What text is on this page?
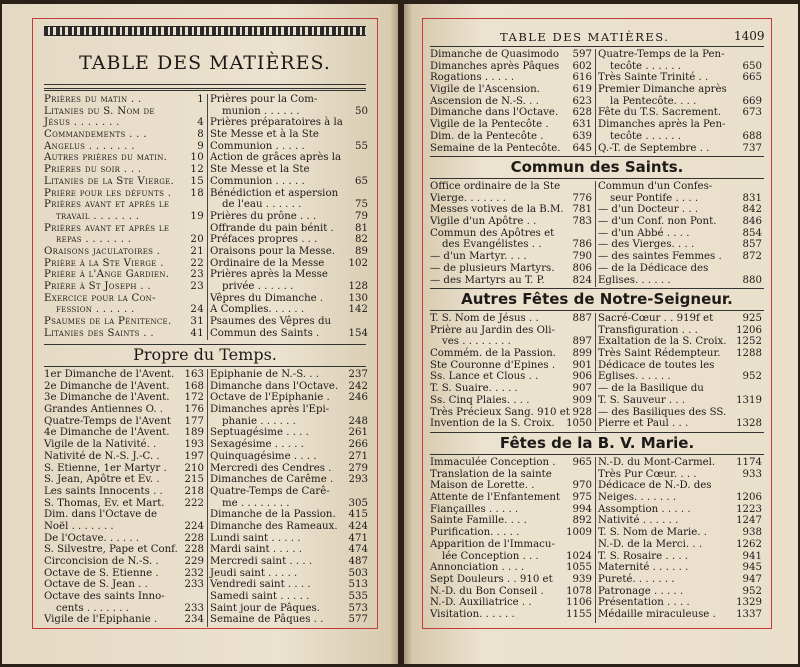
TABLE DES MATIÈRES.
Prières du matin . .	1
Litanies du S. Nom de
Jésus . . . . . . .	4
Commandements . . .	8
Angelus . . . . . . .	9
Autres prières du matin. 10
Prières du soir . . .	12
Litanies de la Ste Vierge. 15
Prière pour les défunts . 18
Prières avant et après le
travail . . . . . . .	19
Prières avant et après le
repas . . . . . . .	20
Oraisons jaculatoires .	21
Prière à la Ste Vierge .	22
Prière à l'Ange Gardien. 23
Prière à St Joseph . .	23
Exercice pour la Con-
fession . . . . . .	24
Psaumes de la Pénitence. 31
Litanies des Saints . .	41
Prières pour la Com-
munion . . . . . .	50
Prières préparatoires à la
Ste Messe et à la Ste
Communion . . . . .	55
Action de grâces après la
Ste Messe et la Ste
Communion . . . . .	65
Bénédiction et aspersion
de l'eau . . . . . .	75
Prières du prône . . .	79
Offrande du pain bénit . 81
Préfaces propres . . .	82
Oraisons pour la Messe. 89
Ordinaire de la Messe 102
Prières après la Messe
privée . . . . . .	128
Vêpres du Dimanche . 130
A Complies. . . . . .	142
Psaumes des Vêpres du
Commun des Saints .	154
Propre du Temps.
1er Dimanche de l'Avent. 163
2e Dimanche de l'Avent. 168
3e Dimanche de l'Avent. 172
Grandes Antiennes O. . 176
Quatre-Temps de l'Avent 177
4e Dimanche de l'Avent. 189
Vigile de la Nativité. .	193
Nativité de N.-S. J.-C. . 197
S. Etienne, 1er Martyr . 210
S. Jean, Apôtre et Ev. . 215
Les saints Innocents . . 218
S. Thomas, Ev. et Mart. 222
Dim. dans l'Octave de
Noël . . . . . . .	224
De l'Octave. . . . . .	228
S. Silvestre, Pape et Conf. 228
Circoncision de N.-S. .	229
Octave de S. Etienne .	232
Octave de S. Jean . .	233
Octave des saints Inno-
cents . . . . . . .	233
Vigile de l'Epiphanie .	234
Epiphanie de N.-S. . .	237
Dimanche dans l'Octave. 242
Octave de l'Epiphanie . 246
Dimanches après l'Epi-
phanie . . . . . .	248
Septuagésime . . . .	261
Sexagésime . . . . .	266
Quinquagésime . . . .	271
Mercredi des Cendres . 279
Dimanches de Carême . 293
Quatre-Temps de Carê-
me . . . . . . . .	305
Dimanche de la Passion. 415
Dimanche des Rameaux. 424
Lundi saint . . . . .	471
Mardi saint . . . . .	474
Mercredi saint . . . .	487
Jeudi saint . . . . .	503
Vendredi saint . . . .	513
Samedi saint . . . . .	535
Saint jour de Pâques.	573
Semaine de Pâques . . 577
TABLE DES MATIÈRES.	1409
Dimanche de Quasimodo 597
Dimanches après Pâques 602
Rogations . . . . .	616
Vigile de l'Ascension.	619
Ascension de N.-S. . .	623
Dimanche dans l'Octave. 628
Vigile de la Pentecôte . 631
Dim. de la Pentecôte .	639
Semaine de la Pentecôte. 645
Quatre-Temps de la Pen-
tecôte . . . . . .	650
Très Sainte Trinité . .	665
Premier Dimanche après
la Pentecôte. . . .	669
Fête du T.S. Sacrement. 673
Dimanches après la Pen-
tecôte . . . . . .	688
Q.-T. de Septembre . .	737
Commun des Saints.
Office ordinaire de la Ste
Vierge. . . . . . .	776
Messes votives de la B.M. 781
Vigile d'un Apôtre . .	783
Commun des Apôtres et
des Evangélistes . .	786
— d'un Martyr. . . .	790
— de plusieurs Martyrs. 806
— des Martyrs au T. P.	824
Commun d'un Confes-
seur Pontife . . . .	831
— d'un Docteur . . .	842
— d'un Conf. non Pont.	846
— d'un Abbé . . . .	854
— des Vierges. . . .	857
— des saintes Femmes . 872
— de la Dédicace des
Eglises. . . . . .	880
Autres Fêtes de Notre-Seigneur.
T. S. Nom de Jésus . .	887
Prière au Jardin des Oli-
ves . . . . . . . .	897
Commém. de la Passion. 899
Ste Couronne d'Epines . 901
Ss. Lance et Clous . .	906
T. S. Suaire. . . . .	907
Ss. Cinq Plaies. . . .	909
Très Précieux Sang. 910 et 928
Invention de la S. Croix. 1050
Sacré-Cœur . . 919f et	925
Transfiguration . . .	1206
Exaltation de la S. Croix. 1252
Très Saint Rédempteur. 1288
Dédicace de toutes les
Eglises. . . . . .	952
— de la Basilique du
T. S. Sauveur . . .	1319
— des Basiliques des SS.
Pierre et Paul . . .	1328
Fêtes de la B. V. Marie.
Immaculée Conception . 965
Translation de la sainte
Maison de Lorette. .	970
Attente de l'Enfantement 975
Fiançailles . . . . .	994
Sainte Famille. . . .	892
Purification. . . . .	1009
Apparition de l'Immacu-
lée Conception . . .	1024
Annonciation . . . .	1055
Sept Douleurs . . 910 et 939
N.-D. du Bon Conseil . 1078
N.-D. Auxiliatrice . .	1106
Visitation. . . . . .	1155
N.-D. du Mont-Carmel. 1174
Très Pur Cœur. . . .	933
Dédicace de N.-D. des
Neiges. . . . . . .	1206
Assomption . . . . .	1223
Nativité . . . . . .	1247
T. S. Nom de Marie. .	938
N.-D. de la Merci. . .	1262
T. S. Rosaire . . . .	941
Maternité . . . . . .	945
Pureté. . . . . . .	947
Patronage . . . . .	952
Présentation . . . .	1329
Médaille miraculeuse . 1337
